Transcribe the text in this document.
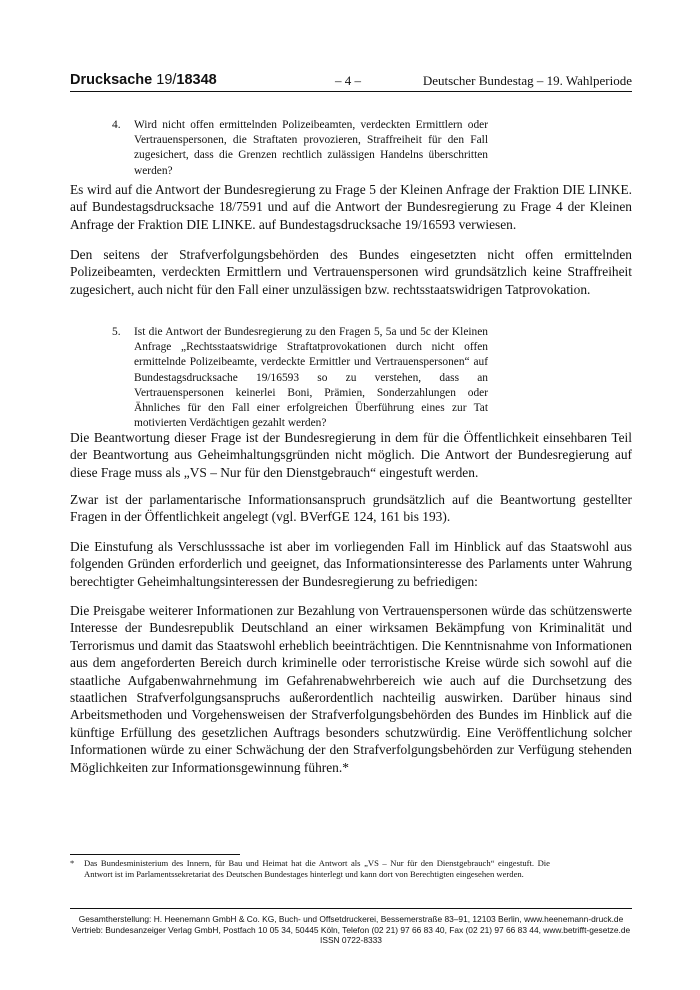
Drucksache 19/18348	– 4 –	Deutscher Bundestag – 19. Wahlperiode
4. Wird nicht offen ermittelnden Polizeibeamten, verdeckten Ermittlern oder Vertrauenspersonen, die Straftaten provozieren, Straffreiheit für den Fall zugesichert, dass die Grenzen rechtlich zulässigen Handelns überschritten werden?

Es wird auf die Antwort der Bundesregierung zu Frage 5 der Kleinen Anfrage der Fraktion DIE LINKE. auf Bundestagsdrucksache 18/7591 und auf die Antwort der Bundesregierung zu Frage 4 der Kleinen Anfrage der Fraktion DIE LINKE. auf Bundestagsdrucksache 19/16593 verwiesen.

Den seitens der Strafverfolgungsbehörden des Bundes eingesetzten nicht offen ermittelnden Polizeibeamten, verdeckten Ermittlern und Vertrauenspersonen wird grundsätzlich keine Straffreiheit zugesichert, auch nicht für den Fall einer unzulässigen bzw. rechtsstaatswidrigen Tatprovokation.

5. Ist die Antwort der Bundesregierung zu den Fragen 5, 5a und 5c der Kleinen Anfrage „Rechtsstaatswidrige Straftatprovokationen durch nicht offen ermittelnde Polizeibeamte, verdeckte Ermittler und Vertrauenspersonen“ auf Bundestagsdrucksache 19/16593 so zu verstehen, dass an Vertrauenspersonen keinerlei Boni, Prämien, Sonderzahlungen oder Ähnliches für den Fall einer erfolgreichen Überführung eines zur Tat motivierten Verdächtigen gezahlt werden?

Die Beantwortung dieser Frage ist der Bundesregierung in dem für die Öffentlichkeit einsehbaren Teil der Beantwortung aus Geheimhaltungsgründen nicht möglich. Die Antwort der Bundesregierung auf diese Frage muss als „VS – Nur für den Dienstgebrauch“ eingestuft werden.

Zwar ist der parlamentarische Informationsanspruch grundsätzlich auf die Beantwortung gestellter Fragen in der Öffentlichkeit angelegt (vgl. BVerfGE 124, 161 bis 193).

Die Einstufung als Verschlusssache ist aber im vorliegenden Fall im Hinblick auf das Staatswohl aus folgenden Gründen erforderlich und geeignet, das Informationsinteresse des Parlaments unter Wahrung berechtigter Geheimhaltungsinteressen der Bundesregierung zu befriedigen:

Die Preisgabe weiterer Informationen zur Bezahlung von Vertrauenspersonen würde das schützenswerte Interesse der Bundesrepublik Deutschland an einer wirksamen Bekämpfung von Kriminalität und Terrorismus und damit das Staatswohl erheblich beeinträchtigen. Die Kenntnisnahme von Informationen aus dem angeforderten Bereich durch kriminelle oder terroristische Kreise würde sich sowohl auf die staatliche Aufgabenwahrnehmung im Gefahrenabwehrbereich wie auch auf die Durchsetzung des staatlichen Strafverfolgungsanspruchs außerordentlich nachteilig auswirken. Darüber hinaus sind Arbeitsmethoden und Vorgehensweisen der Strafverfolgungsbehörden des Bundes im Hinblick auf die künftige Erfüllung des gesetzlichen Auftrags besonders schutzwürdig. Eine Veröffentlichung solcher Informationen würde zu einer Schwächung der den Strafverfolgungsbehörden zur Verfügung stehenden Möglichkeiten zur Informationsgewinnung führen.*

* Das Bundesministerium des Innern, für Bau und Heimat hat die Antwort als „VS – Nur für den Dienstgebrauch“ eingestuft. Die Antwort ist im Parlamentssekretariat des Deutschen Bundestages hinterlegt und kann dort von Berechtigten eingesehen werden.
Gesamtherstellung: H. Heenemann GmbH & Co. KG, Buch- und Offsetdruckerei, Bessemerstraße 83–91, 12103 Berlin, www.heenemann-druck.de
Vertrieb: Bundesanzeiger Verlag GmbH, Postfach 10 05 34, 50445 Köln, Telefon (02 21) 97 66 83 40, Fax (02 21) 97 66 83 44, www.betrifft-gesetze.de
ISSN 0722-8333
